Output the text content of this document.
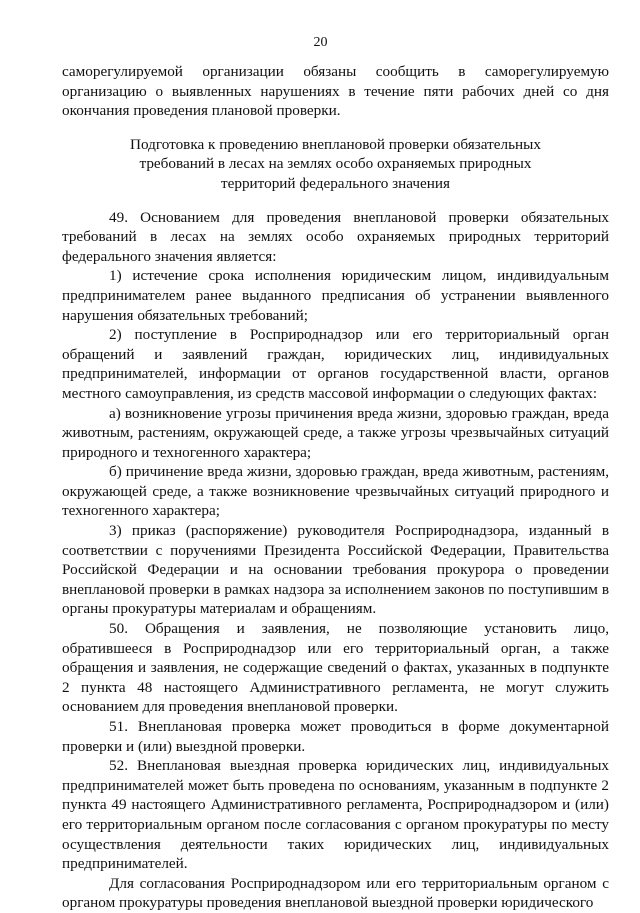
20

саморегулируемой организации обязаны сообщить в саморегулируемую организацию о выявленных нарушениях в течение пяти рабочих дней со дня окончания проведения плановой проверки.

Подготовка к проведению внеплановой проверки обязательных
требований в лесах на землях особо охраняемых природных
территорий федерального значения

49. Основанием для проведения внеплановой проверки обязательных требований в лесах на землях особо охраняемых природных территорий федерального значения является:

1) истечение срока исполнения юридическим лицом, индивидуальным предпринимателем ранее выданного предписания об устранении выявленного нарушения обязательных требований;

2) поступление в Росприроднадзор или его территориальный орган обращений и заявлений граждан, юридических лиц, индивидуальных предпринимателей, информации от органов государственной власти, органов местного самоуправления, из средств массовой информации о следующих фактах:

а) возникновение угрозы причинения вреда жизни, здоровью граждан, вреда животным, растениям, окружающей среде, а также угрозы чрезвычайных ситуаций природного и техногенного характера;

б) причинение вреда жизни, здоровью граждан, вреда животным, растениям, окружающей среде, а также возникновение чрезвычайных ситуаций природного и техногенного характера;

3) приказ (распоряжение) руководителя Росприроднадзора, изданный в соответствии с поручениями Президента Российской Федерации, Правительства Российской Федерации и на основании требования прокурора о проведении внеплановой проверки в рамках надзора за исполнением законов по поступившим в органы прокуратуры материалам и обращениям.

50. Обращения и заявления, не позволяющие установить лицо, обратившееся в Росприроднадзор или его территориальный орган, а также обращения и заявления, не содержащие сведений о фактах, указанных в подпункте 2 пункта 48 настоящего Административного регламента, не могут служить основанием для проведения внеплановой проверки.

51. Внеплановая проверка может проводиться в форме документарной проверки и (или) выездной проверки.

52. Внеплановая выездная проверка юридических лиц, индивидуальных предпринимателей может быть проведена по основаниям, указанным в подпункте 2 пункта 49 настоящего Административного регламента, Росприроднадзором и (или) его территориальным органом после согласования с органом прокуратуры по месту осуществления деятельности таких юридических лиц, индивидуальных предпринимателей.

Для согласования Росприроднадзором или его территориальным органом с органом прокуратуры проведения внеплановой выездной проверки юридического
